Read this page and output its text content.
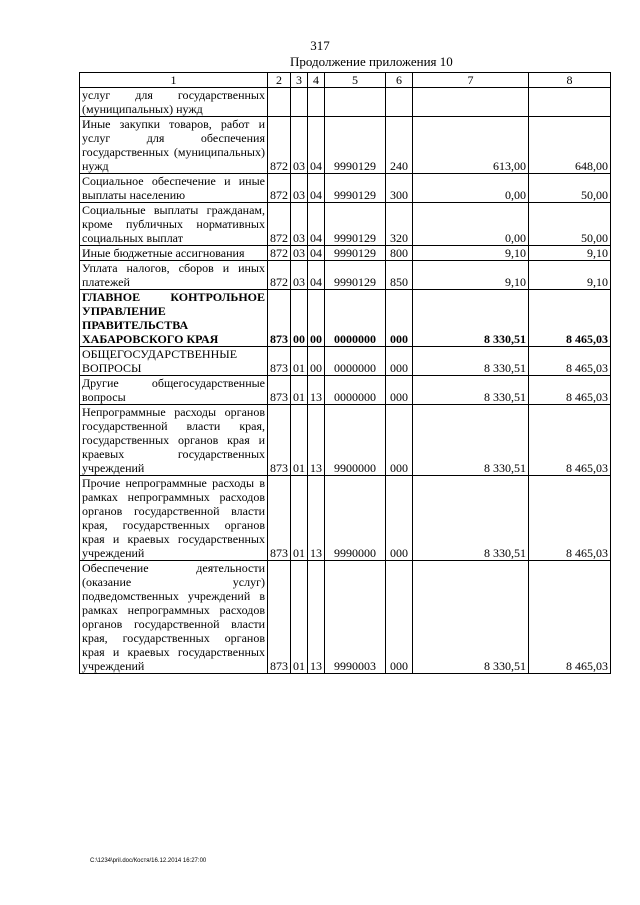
317
Продолжение приложения 10
1	2	3	4	5	6	7	8
услуг для государственных (муниципальных) нужд							
Иные закупки товаров, работ и услуг для обеспечения государственных (муниципальных) нужд	872	03	04	9990129	240	613,00	648,00
Социальное обеспечение и иные выплаты населению	872	03	04	9990129	300	0,00	50,00
Социальные выплаты гражданам, кроме публичных нормативных социальных выплат	872	03	04	9990129	320	0,00	50,00
Иные бюджетные ассигнования	872	03	04	9990129	800	9,10	9,10
Уплата налогов, сборов и иных платежей	872	03	04	9990129	850	9,10	9,10
ГЛАВНОЕ КОНТРОЛЬНОЕ УПРАВЛЕНИЕ ПРАВИТЕЛЬСТВА ХАБАРОВСКОГО КРАЯ	873	00	00	0000000	000	8 330,51	8 465,03
ОБЩЕГОСУДАРСТВЕННЫЕ ВОПРОСЫ	873	01	00	0000000	000	8 330,51	8 465,03
Другие общегосударственные вопросы	873	01	13	0000000	000	8 330,51	8 465,03
Непрограммные расходы органов государственной власти края, государственных органов края и краевых государственных учреждений	873	01	13	9900000	000	8 330,51	8 465,03
Прочие непрограммные расходы в рамках непрограммных расходов органов государственной власти края, государственных органов края и краевых государственных учреждений	873	01	13	9990000	000	8 330,51	8 465,03
Обеспечение деятельности (оказание услуг) подведомственных учреждений в рамках непрограммных расходов органов государственной власти края, государственных органов края и краевых государственных учреждений	873	01	13	9990003	000	8 330,51	8 465,03
C:\1234\pril.doc/Костя/16.12.2014 16:27:00
